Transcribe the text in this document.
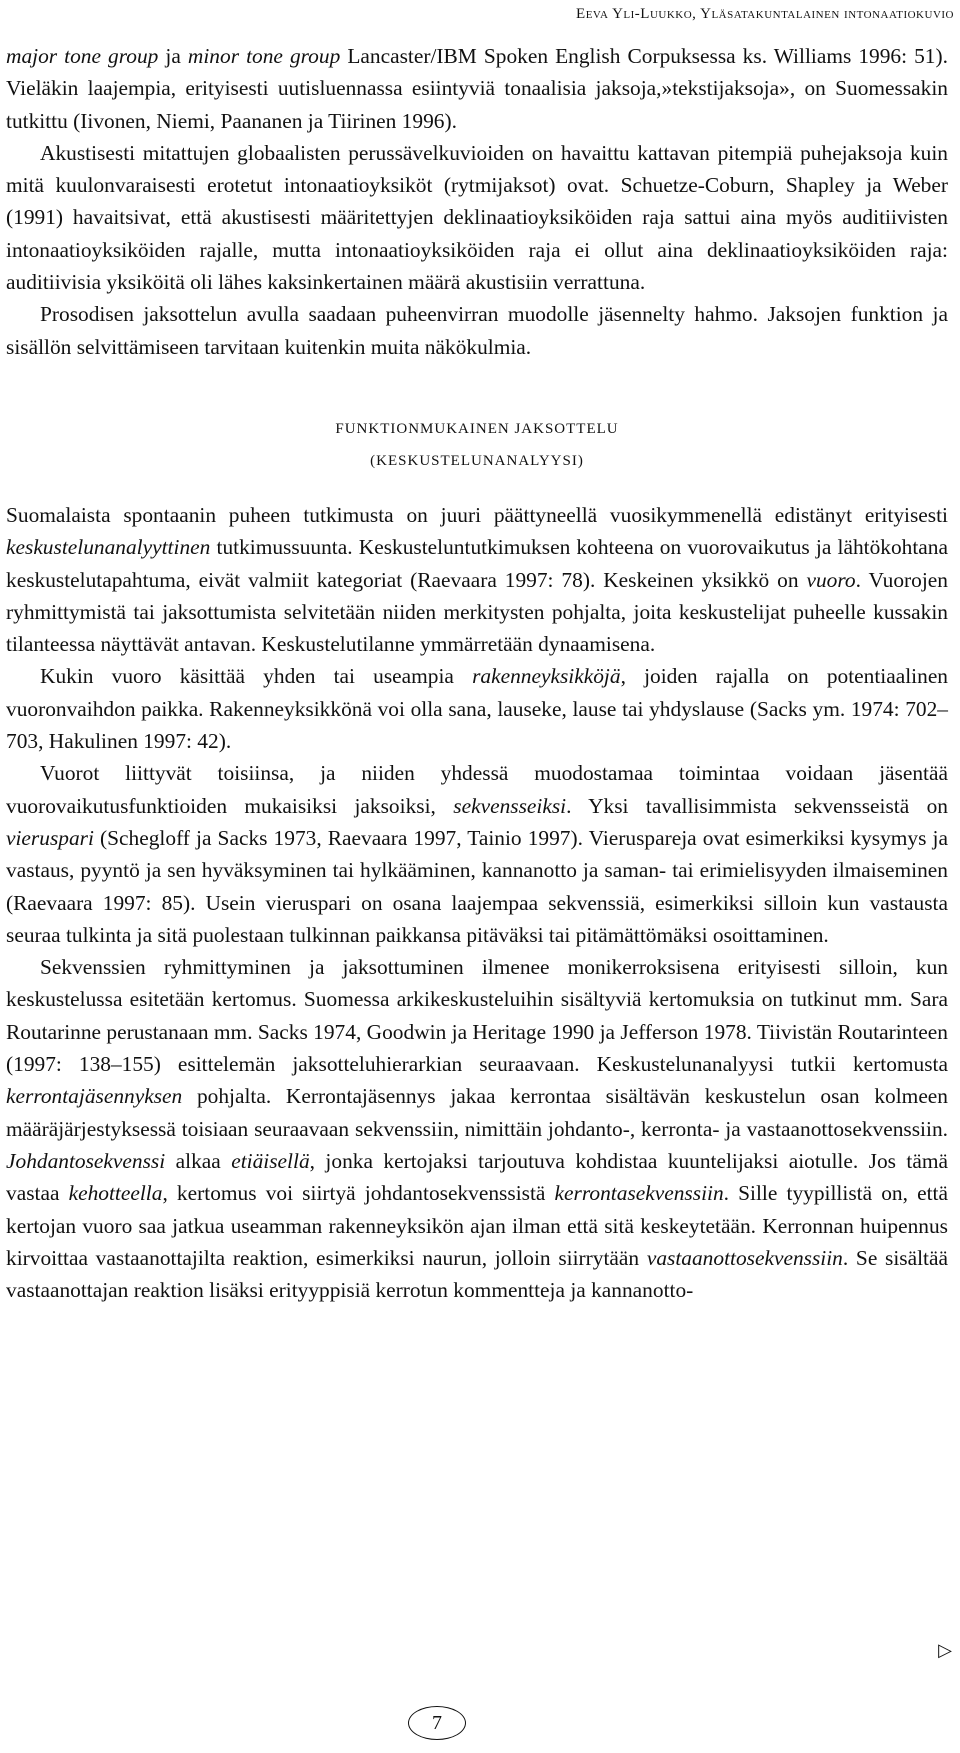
Eeva Yli-Luukko, Yläsatakuntalainen intonaatiokuvio

major tone group ja minor tone group Lancaster/IBM Spoken English Corpuksessa ks. Williams 1996: 51). Vieläkin laajempia, erityisesti uutisluennassa esiintyviä tonaalisia jaksoja,»tekstijaksoja», on Suomessakin tutkittu (Iivonen, Niemi, Paananen ja Tiirinen 1996).

Akustisesti mitattujen globaalisten perussävelkuvioiden on havaittu kattavan pitempiä puhejaksoja kuin mitä kuulonvaraisesti erotetut intonaatioyksiköt (rytmijaksot) ovat. Schuetze-Coburn, Shapley ja Weber (1991) havaitsivat, että akustisesti määritettyjen deklinaatioyksiköiden raja sattui aina myös auditiivisten intonaatioyksiköiden rajalle, mutta intonaatioyksiköiden raja ei ollut aina deklinaatioyksiköiden raja: auditiivisia yksiköitä oli lähes kaksinkertainen määrä akustisiin verrattuna.

Prosodisen jaksottelun avulla saadaan puheenvirran muodolle jäsennelty hahmo. Jaksojen funktion ja sisällön selvittämiseen tarvitaan kuitenkin muita näkökulmia.

FUNKTIONMUKAINEN JAKSOTTELU
(KESKUSTELUNANALYYSI)

Suomalaista spontaanin puheen tutkimusta on juuri päättyneellä vuosikymmenellä edistänyt erityisesti keskustelunanalyyttinen tutkimussuunta. Keskusteluntutkimuksen kohteena on vuorovaikutus ja lähtökohtana keskustelutapahtuma, eivät valmiit kategoriat (Raevaara 1997: 78). Keskeinen yksikkö on vuoro. Vuorojen ryhmittymistä tai jaksottumista selvitetään niiden merkitysten pohjalta, joita keskustelijat puheelle kussakin tilanteessa näyttävät antavan. Keskustelutilanne ymmärretään dynaamisena.

Kukin vuoro käsittää yhden tai useampia rakenneyksikköjä, joiden rajalla on potentiaalinen vuoronvaihdon paikka. Rakenneyksikkönä voi olla sana, lauseke, lause tai yhdyslause (Sacks ym. 1974: 702–703, Hakulinen 1997: 42).

Vuorot liittyvät toisiinsa, ja niiden yhdessä muodostamaa toimintaa voidaan jäsentää vuorovaikutusfunktioiden mukaisiksi jaksoiksi, sekvensseiksi. Yksi tavallisimmista sekvensseistä on vieruspari (Schegloff ja Sacks 1973, Raevaara 1997, Tainio 1997). Vieruspareja ovat esimerkiksi kysymys ja vastaus, pyyntö ja sen hyväksyminen tai hylkääminen, kannanotto ja saman- tai erimielisyyden ilmaiseminen (Raevaara 1997: 85). Usein vieruspari on osana laajempaa sekvenssiä, esimerkiksi silloin kun vastausta seuraa tulkinta ja sitä puolestaan tulkinnan paikkansa pitäväksi tai pitämättömäksi osoittaminen.

Sekvenssien ryhmittyminen ja jaksottuminen ilmenee monikerroksisena erityisesti silloin, kun keskustelussa esitetään kertomus. Suomessa arkikeskusteluihin sisältyviä kertomuksia on tutkinut mm. Sara Routarinne perustanaan mm. Sacks 1974, Goodwin ja Heritage 1990 ja Jefferson 1978. Tiivistän Routarinteen (1997: 138–155) esittelemän jaksotteluhierarkian seuraavaan. Keskustelunanalyysi tutkii kertomusta kerrontajäsennyksen pohjalta. Kerrontajäsennys jakaa kerrontaa sisältävän keskustelun osan kolmeen määräjärjestyksessä toisiaan seuraavaan sekvenssiin, nimittäin johdanto-, kerronta- ja vastaanottosekvenssiin. Johdantosekvenssi alkaa etiäisellä, jonka kertojaksi tarjoutuva kohdistaa kuuntelijaksi aiotulle. Jos tämä vastaa kehotteella, kertomus voi siirtyä johdantosekvenssistä kerrontasekvenssiin. Sille tyypillistä on, että kertojan vuoro saa jatkua useamman rakenneyksikön ajan ilman että sitä keskeytetään. Kerronnan huipennus kirvoittaa vastaanottajilta reaktion, esimerkiksi naurun, jolloin siirrytään vastaanottosekvenssiin. Se sisältää vastaanottajan reaktion lisäksi erityyppisiä kerrotun kommentteja ja kannanotto-

▷
7
